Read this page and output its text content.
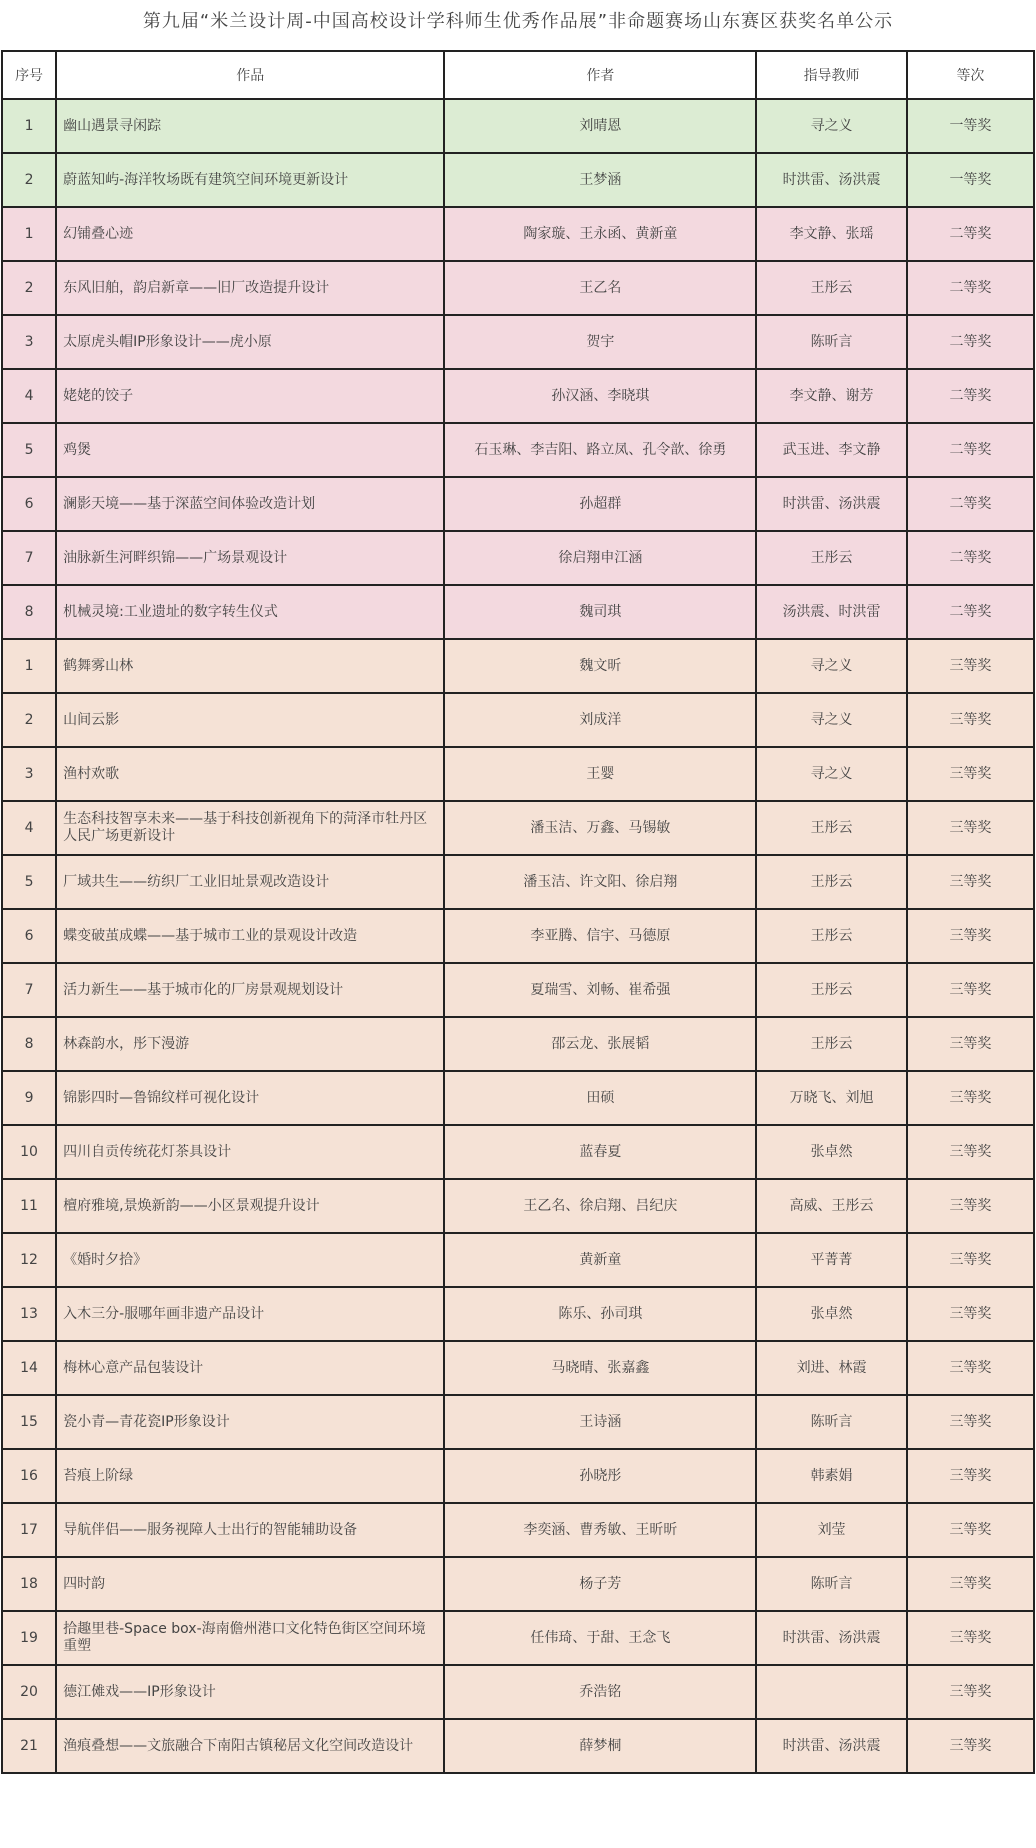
第九届“米兰设计周-中国高校设计学科师生优秀作品展”非命题赛场山东赛区获奖名单公示
序号	作品	作者	指导教师	等次
1	幽山遇景寻闲踪	刘晴恩	寻之义	一等奖
2	蔚蓝知屿-海洋牧场既有建筑空间环境更新设计	王梦涵	时洪雷、汤洪震	一等奖
1	幻铺叠心迹	陶家璇、王永函、黄新童	李文静、张瑶	二等奖
2	东风旧舶，韵启新章——旧厂改造提升设计	王乙名	王彤云	二等奖
3	太原虎头帽IP形象设计——虎小原	贺宇	陈昕言	二等奖
4	姥姥的饺子	孙汉涵、李晓琪	李文静、谢芳	二等奖
5	鸡煲	石玉琳、李吉阳、路立凤、孔令歆、徐勇	武玉进、李文静	二等奖
6	澜影天境——基于深蓝空间体验改造计划	孙超群	时洪雷、汤洪震	二等奖
7	油脉新生河畔织锦——广场景观设计	徐启翔申江涵	王彤云	二等奖
8	机械灵境:工业遗址的数字转生仪式	魏司琪	汤洪震、时洪雷	二等奖
1	鹤舞雾山林	魏文昕	寻之义	三等奖
2	山间云影	刘成洋	寻之义	三等奖
3	渔村欢歌	王婴	寻之义	三等奖
4	生态科技智享未来——基于科技创新视角下的菏泽市牡丹区人民广场更新设计	潘玉洁、万鑫、马锡敏	王彤云	三等奖
5	厂域共生——纺织厂工业旧址景观改造设计	潘玉洁、许文阳、徐启翔	王彤云	三等奖
6	蝶变破茧成蝶——基于城市工业的景观设计改造	李亚腾、信宇、马德原	王彤云	三等奖
7	活力新生——基于城市化的厂房景观规划设计	夏瑞雪、刘畅、崔希强	王彤云	三等奖
8	林森韵水，彤下漫游	邵云龙、张展韬	王彤云	三等奖
9	锦影四时—鲁锦纹样可视化设计	田硕	万晓飞、刘旭	三等奖
10	四川自贡传统花灯茶具设计	蓝春夏	张卓然	三等奖
11	檀府雅境,景焕新韵——小区景观提升设计	王乙名、徐启翔、吕纪庆	高威、王彤云	三等奖
12	《婚时夕拾》	黄新童	平菁菁	三等奖
13	入木三分-服哪年画非遗产品设计	陈乐、孙司琪	张卓然	三等奖
14	梅林心意产品包装设计	马晓晴、张嘉鑫	刘进、林霞	三等奖
15	瓷小青—青花瓷IP形象设计	王诗涵	陈昕言	三等奖
16	苔痕上阶绿	孙晓彤	韩素娟	三等奖
17	导航伴侣——服务视障人士出行的智能辅助设备	李奕涵、曹秀敏、王昕昕	刘莹	三等奖
18	四时韵	杨子芳	陈昕言	三等奖
19	拾趣里巷-Space box-海南儋州港口文化特色街区空间环境重塑	任伟琦、于甜、王念飞	时洪雷、汤洪震	三等奖
20	德江傩戏——IP形象设计	乔浩铭		三等奖
21	渔痕叠想——文旅融合下南阳古镇秘居文化空间改造设计	薛梦桐	时洪雷、汤洪震	三等奖
